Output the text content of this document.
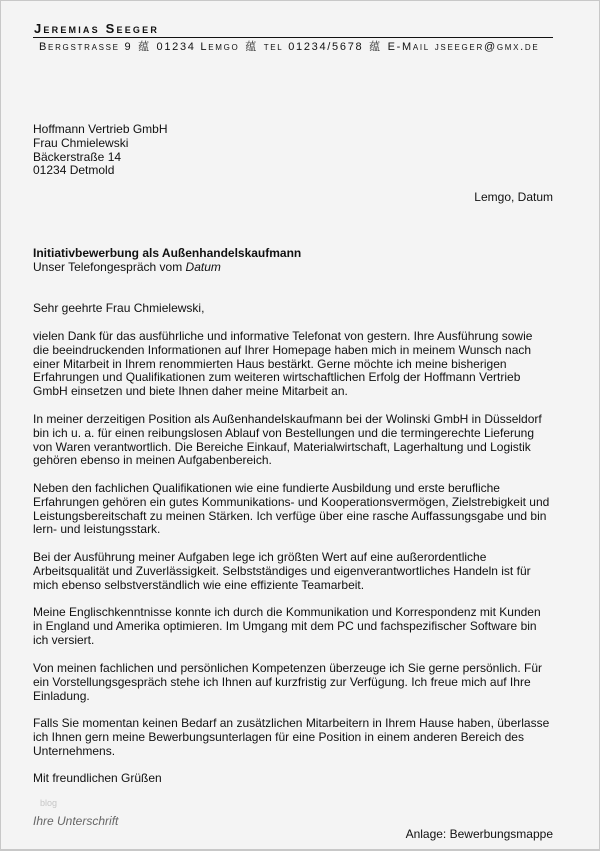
Jeremias Seeger
Bergstrasse 9 蕴 01234 Lemgo 蕴 tel 01234/5678 蕴 E-Mail jseeger@gmx.de
Hoffmann Vertrieb GmbH
Frau Chmielewski
Bäckerstraße 14
01234 Detmold
Lemgo, Datum
Initiativbewerbung als Außenhandelskaufmann
Unser Telefongespräch vom Datum
Sehr geehrte Frau Chmielewski,
vielen Dank für das ausführliche und informative Telefonat von gestern. Ihre Ausführung sowie
die beeindruckenden Informationen auf Ihrer Homepage haben mich in meinem Wunsch nach
einer Mitarbeit in Ihrem renommierten Haus bestärkt. Gerne möchte ich meine bisherigen
Erfahrungen und Qualifikationen zum weiteren wirtschaftlichen Erfolg der Hoffmann Vertrieb
GmbH einsetzen und biete Ihnen daher meine Mitarbeit an.
In meiner derzeitigen Position als Außenhandelskaufmann bei der Wolinski GmbH in Düsseldorf
bin ich u. a. für einen reibungslosen Ablauf von Bestellungen und die termingerechte Lieferung
von Waren verantwortlich. Die Bereiche Einkauf, Materialwirtschaft, Lagerhaltung und Logistik
gehören ebenso in meinen Aufgabenbereich.
Neben den fachlichen Qualifikationen wie eine fundierte Ausbildung und erste berufliche
Erfahrungen gehören ein gutes Kommunikations- und Kooperationsvermögen, Zielstrebigkeit und
Leistungsbereitschaft zu meinen Stärken. Ich verfüge über eine rasche Auffassungsgabe und bin
lern- und leistungsstark.
Bei der Ausführung meiner Aufgaben lege ich größten Wert auf eine außerordentliche
Arbeitsqualität und Zuverlässigkeit. Selbstständiges und eigenverantwortliches Handeln ist für
mich ebenso selbstverständlich wie eine effiziente Teamarbeit.
Meine Englischkenntnisse konnte ich durch die Kommunikation und Korrespondenz mit Kunden
in England und Amerika optimieren. Im Umgang mit dem PC und fachspezifischer Software bin
ich versiert.
Von meinen fachlichen und persönlichen Kompetenzen überzeuge ich Sie gerne persönlich. Für
ein Vorstellungsgespräch stehe ich Ihnen auf kurzfristig zur Verfügung. Ich freue mich auf Ihre
Einladung.
Falls Sie momentan keinen Bedarf an zusätzlichen Mitarbeitern in Ihrem Hause haben, überlasse
ich Ihnen gern meine Bewerbungsunterlagen für eine Position in einem anderen Bereich des
Unternehmens.
Mit freundlichen Grüßen
blog
Ihre Unterschrift
Anlage: Bewerbungsmappe
